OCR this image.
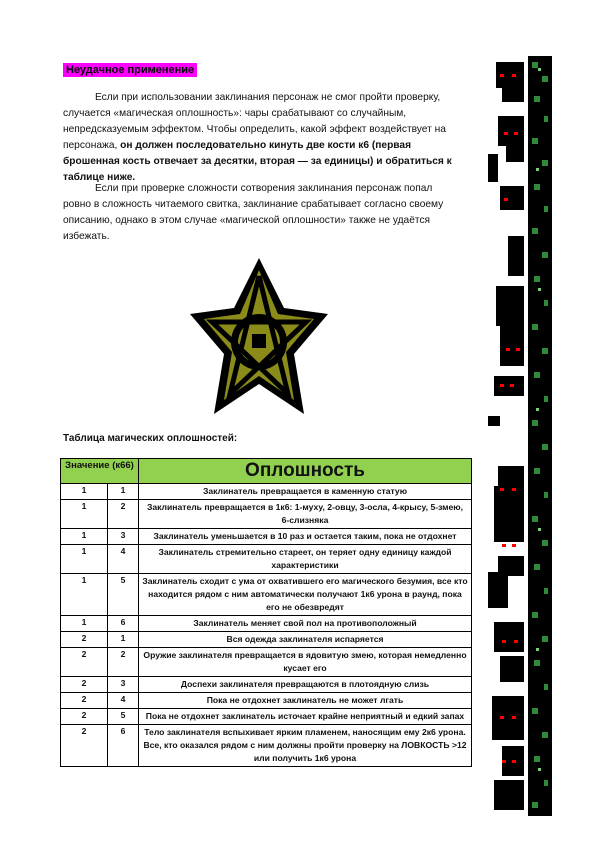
Неудачное применение

Если при использовании заклинания персонаж не смог пройти проверку, случается «магическая оплошность»: чары срабатывают со случайным, непредсказуемым эффектом. Чтобы определить, какой эффект воздействует на персонажа, он должен последовательно кинуть две кости к6 (первая брошенная кость отвечает за десятки, вторая — за единицы) и обратиться к таблице ниже.

Если при проверке сложности сотворения заклинания персонаж попал ровно в сложность читаемого свитка, заклинание срабатывает согласно своему описанию, однако в этом случае «магической оплошности» также не удаётся избежать.

Таблица магических оплошностей:
Значение (к66)		Оплошность
1	1	Заклинатель превращается в каменную статую
1	2	Заклинатель превращается в 1к6: 1-муху, 2-овцу, 3-осла, 4-крысу, 5-змею, 6-слизняка
1	3	Заклинатель уменьшается в 10 раз и остается таким, пока не отдохнет
1	4	Заклинатель стремительно стареет, он теряет одну единицу каждой характеристики
1	5	Заклинатель сходит с ума от охватившего его магического безумия, все кто находится рядом с ним автоматически получают 1к6 урона в раунд, пока его не обезвредят
1	6	Заклинатель меняет свой пол на противоположный
2	1	Вся одежда заклинателя испаряется
2	2	Оружие заклинателя превращается в ядовитую змею, которая немедленно кусает его
2	3	Доспехи заклинателя превращаются в плотоядную слизь
2	4	Пока не отдохнет заклинатель не может лгать
2	5	Пока не отдохнет заклинатель источает крайне неприятный и едкий запах
2	6	Тело заклинателя вспыхивает ярким пламенем, наносящим ему 2к6 урона. Все, кто оказался рядом с ним должны пройти проверку на ЛОВКОСТЬ >12 или получить 1к6 урона
